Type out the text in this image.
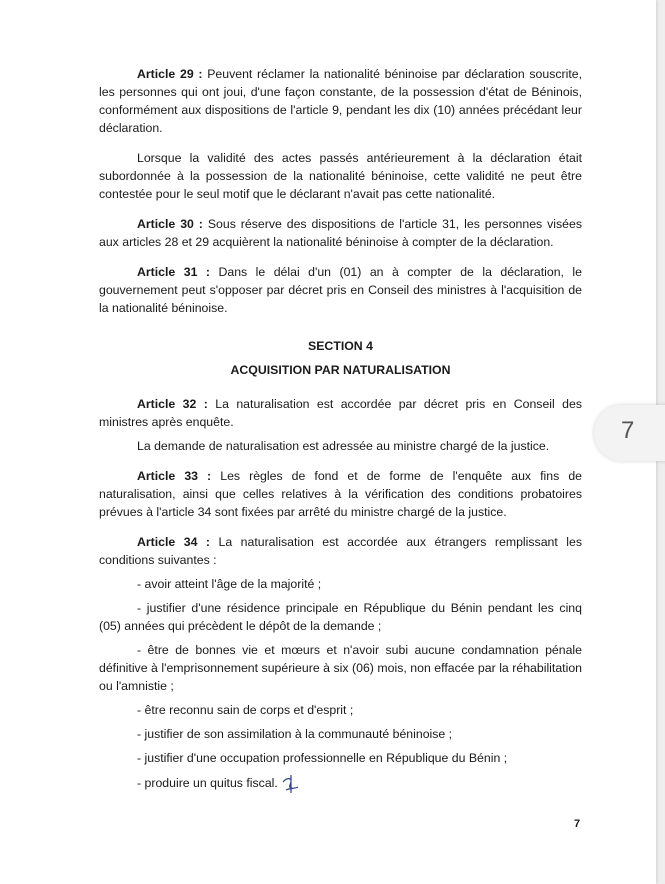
Article 29 : Peuvent réclamer la nationalité béninoise par déclaration souscrite, les personnes qui ont joui, d'une façon constante, de la possession d'état de Béninois, conformément aux dispositions de l'article 9, pendant les dix (10) années précédant leur déclaration.

Lorsque la validité des actes passés antérieurement à la déclaration était subordonnée à la possession de la nationalité béninoise, cette validité ne peut être contestée pour le seul motif que le déclarant n'avait pas cette nationalité.

Article 30 : Sous réserve des dispositions de l'article 31, les personnes visées aux articles 28 et 29 acquièrent la nationalité béninoise à compter de la déclaration.

Article 31 : Dans le délai d'un (01) an à compter de la déclaration, le gouvernement peut s'opposer par décret pris en Conseil des ministres à l'acquisition de la nationalité béninoise.

SECTION 4

ACQUISITION PAR NATURALISATION

Article 32 : La naturalisation est accordée par décret pris en Conseil des ministres après enquête.

La demande de naturalisation est adressée au ministre chargé de la justice.

Article 33 : Les règles de fond et de forme de l'enquête aux fins de naturalisation, ainsi que celles relatives à la vérification des conditions probatoires prévues à l'article 34 sont fixées par arrêté du ministre chargé de la justice.

Article 34 : La naturalisation est accordée aux étrangers remplissant les conditions suivantes :

- avoir atteint l'âge de la majorité ;

- justifier d'une résidence principale en République du Bénin pendant les cinq (05) années qui précèdent le dépôt de la demande ;

- être de bonnes vie et mœurs et n'avoir subi aucune condamnation pénale définitive à l'emprisonnement supérieure à six (06) mois, non effacée par la réhabilitation ou l'amnistie ;

- être reconnu sain de corps et d'esprit ;

- justifier de son assimilation à la communauté béninoise ;

- justifier d'une occupation professionnelle en République du Bénin ;

- produire un quitus fiscal.

7
7
